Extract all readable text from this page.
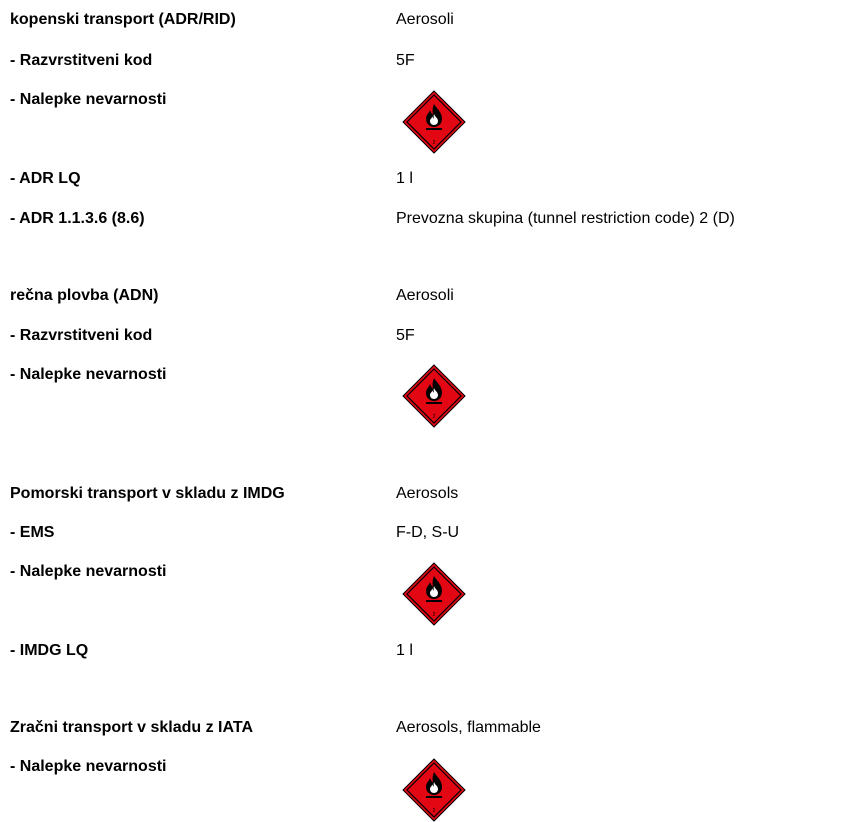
kopenski transport (ADR/RID)	Aerosoli
- Razvrstitveni kod	5F
- Nalepke nevarnosti
2
- ADR LQ	1 l
- ADR 1.1.3.6 (8.6)	Prevozna skupina (tunnel restriction code) 2 (D)
rečna plovba (ADN)	Aerosoli
- Razvrstitveni kod	5F
- Nalepke nevarnosti
2
Pomorski transport v skladu z IMDG	Aerosols
- EMS	F-D, S-U
- Nalepke nevarnosti
2
- IMDG LQ	1 l
Zračni transport v skladu z IATA	Aerosols, flammable
- Nalepke nevarnosti
2
